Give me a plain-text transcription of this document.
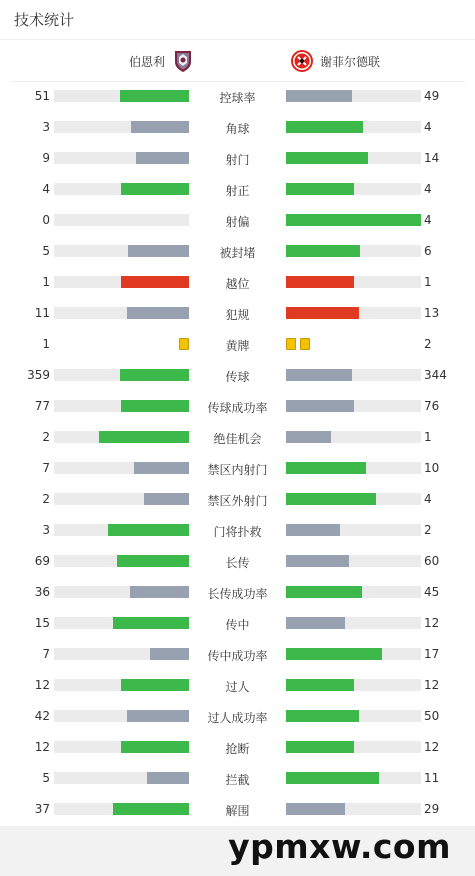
技术统计
伯恩利	谢菲尔德联
51	控球率	49
3	角球	4
9	射门	14
4	射正	4
0	射偏	4
5	被封堵	6
1	越位	1
11	犯规	13
1	黄牌	2
359	传球	344
77	传球成功率	76
2	绝佳机会	1
7	禁区内射门	10
2	禁区外射门	4
3	门将扑救	2
69	长传	60
36	长传成功率	45
15	传中	12
7	传中成功率	17
12	过人	12
42	过人成功率	50
12	抢断	12
5	拦截	11
37	解围	29
ypmxw.com
